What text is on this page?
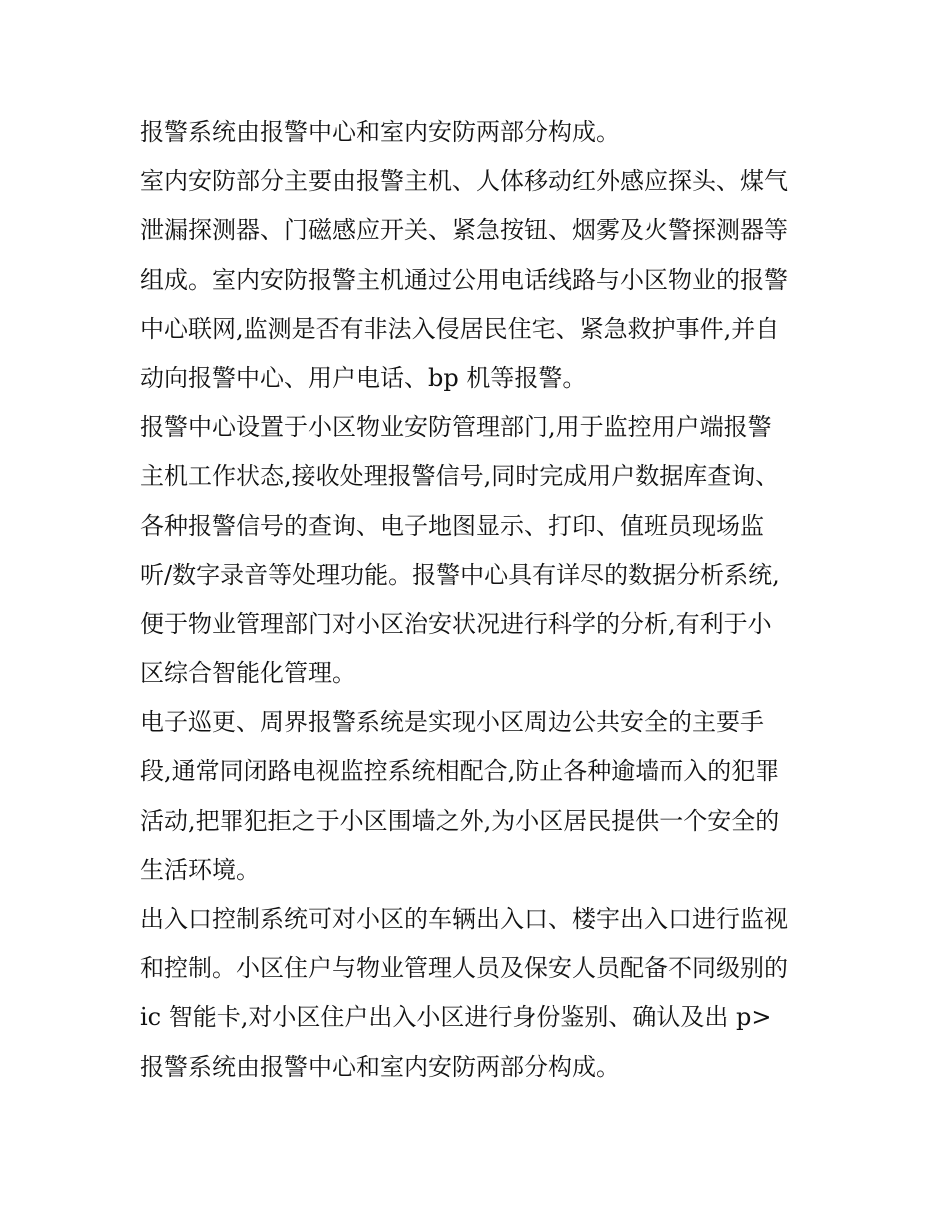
报警系统由报警中心和室内安防两部分构成。
室内安防部分主要由报警主机、人体移动红外感应探头、煤气
泄漏探测器、门磁感应开关、紧急按钮、烟雾及火警探测器等
组成。室内安防报警主机通过公用电话线路与小区物业的报警
中心联网,监测是否有非法入侵居民住宅、紧急救护事件,并自
动向报警中心、用户电话、bp 机等报警。
报警中心设置于小区物业安防管理部门,用于监控用户端报警
主机工作状态,接收处理报警信号,同时完成用户数据库查询、
各种报警信号的查询、电子地图显示、打印、值班员现场监
听/数字录音等处理功能。报警中心具有详尽的数据分析系统,
便于物业管理部门对小区治安状况进行科学的分析,有利于小
区综合智能化管理。
电子巡更、周界报警系统是实现小区周边公共安全的主要手
段,通常同闭路电视监控系统相配合,防止各种逾墙而入的犯罪
活动,把罪犯拒之于小区围墙之外,为小区居民提供一个安全的
生活环境。
出入口控制系统可对小区的车辆出入口、楼宇出入口进行监视
和控制。小区住户与物业管理人员及保安人员配备不同级别的
ic 智能卡,对小区住户出入小区进行身份鉴别、确认及出 p>
报警系统由报警中心和室内安防两部分构成。
